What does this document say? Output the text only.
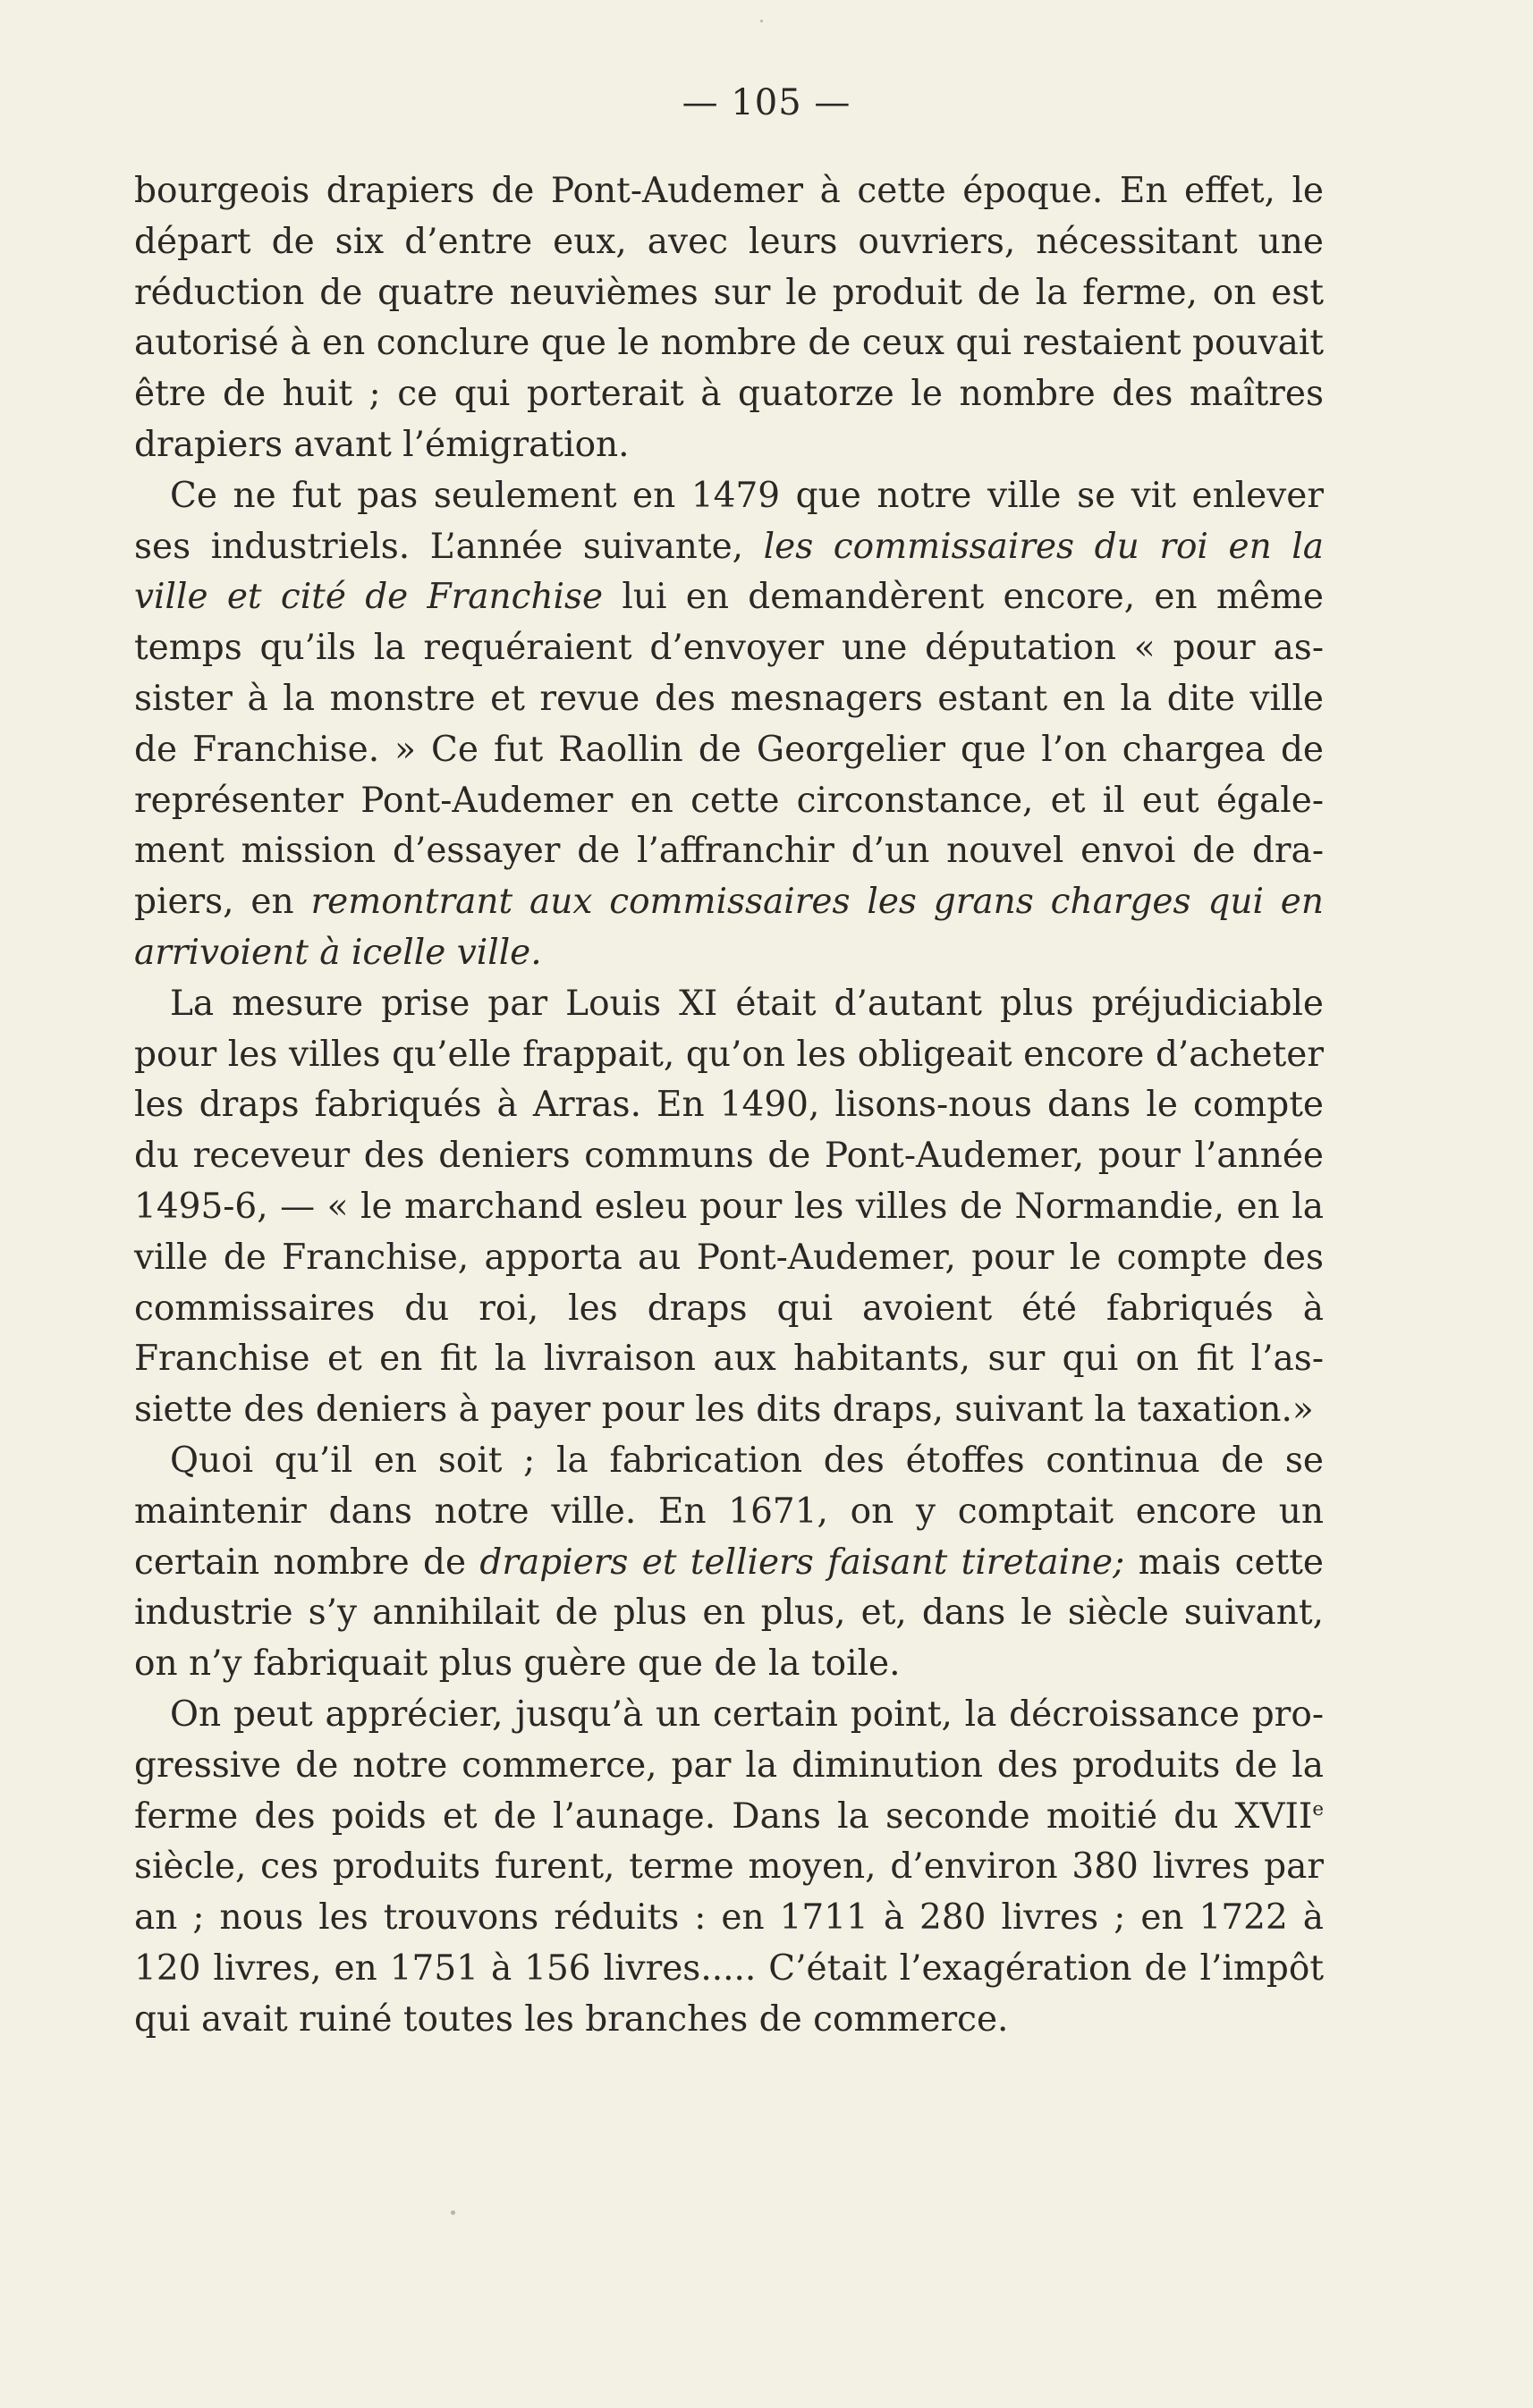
— 105 —

bourgeois drapiers de Pont-Audemer à cette époque. En effet, le départ de six d’entre eux, avec leurs ouvriers, nécessitant une réduction de quatre neuvièmes sur le produit de la ferme, on est autorisé à en conclure que le nombre de ceux qui restaient pouvait être de huit ; ce qui porterait à quatorze le nombre des maîtres drapiers avant l’émigration.

Ce ne fut pas seulement en 1479 que notre ville se vit enlever ses industriels. L’année suivante, les commissaires du roi en la ville et cité de Franchise lui en demandèrent encore, en même temps qu’ils la requéraient d’envoyer une députation « pour assister à la monstre et revue des mesnagers estant en la dite ville de Franchise. » Ce fut Raollin de Georgelier que l’on chargea de représenter Pont-Audemer en cette circonstance, et il eut également mission d’essayer de l’affranchir d’un nouvel envoi de drapiers, en remontrant aux commissaires les grans charges qui en arrivoient à icelle ville.

La mesure prise par Louis XI était d’autant plus préjudiciable pour les villes qu’elle frappait, qu’on les obligeait encore d’acheter les draps fabriqués à Arras. En 1490, lisons-nous dans le compte du receveur des deniers communs de Pont-Audemer, pour l’année 1495-6, — « le marchand esleu pour les villes de Normandie, en la ville de Franchise, apporta au Pont-Audemer, pour le compte des commissaires du roi, les draps qui avoient été fabriqués à Franchise et en fit la livraison aux habitants, sur qui on fit l’assiette des deniers à payer pour les dits draps, suivant la taxation.»

Quoi qu’il en soit ; la fabrication des étoffes continua de se maintenir dans notre ville. En 1671, on y comptait encore un certain nombre de drapiers et telliers faisant tiretaine; mais cette industrie s’y annihilait de plus en plus, et, dans le siècle suivant, on n’y fabriquait plus guère que de la toile.

On peut apprécier, jusqu’à un certain point, la décroissance progressive de notre commerce, par la diminution des produits de la ferme des poids et de l’aunage. Dans la seconde moitié du XVIIe siècle, ces produits furent, terme moyen, d’environ 380 livres par an ; nous les trouvons réduits : en 1711 à 280 livres ; en 1722 à 120 livres, en 1751 à 156 livres..... C’était l’exagération de l’impôt qui avait ruiné toutes les branches de commerce.
